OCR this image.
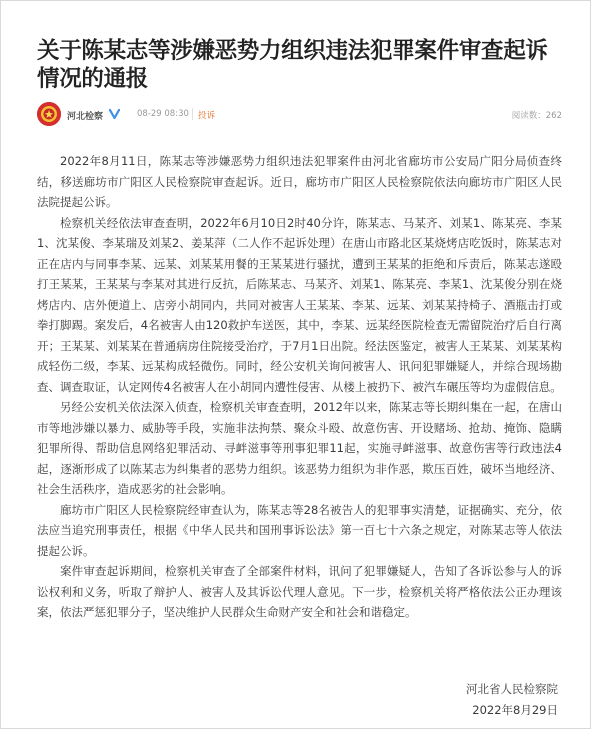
关于陈某志等涉嫌恶势力组织违法犯罪案件审查起诉情况的通报
河北检察	08-29 08:30 投诉	阅读数：262

2022年8月11日，陈某志等涉嫌恶势力组织违法犯罪案件由河北省廊坊市公安局广阳分局侦查终结，移送廊坊市广阳区人民检察院审查起诉。近日，廊坊市广阳区人民检察院依法向廊坊市广阳区人民法院提起公诉。

检察机关经依法审查查明，2022年6月10日2时40分许，陈某志、马某齐、刘某1、陈某亮、李某1、沈某俊、李某瑞及刘某2、姜某萍（二人作不起诉处理）在唐山市路北区某烧烤店吃饭时，陈某志对正在店内与同事李某、远某、刘某某用餐的王某某进行骚扰，遭到王某某的拒绝和斥责后，陈某志遂殴打王某某，王某某与李某对其进行反抗，后陈某志、马某齐、刘某1、陈某亮、李某1、沈某俊分别在烧烤店内、店外便道上、店旁小胡同内，共同对被害人王某某、李某、远某、刘某某持椅子、酒瓶击打或拳打脚踢。案发后，4名被害人由120救护车送医，其中，李某、远某经医院检查无需留院治疗后自行离开；王某某、刘某某在普通病房住院接受治疗，于7月1日出院。经法医鉴定，被害人王某某、刘某某构成轻伤二级，李某、远某构成轻微伤。同时，经公安机关询问被害人、讯问犯罪嫌疑人，并综合现场勘查、调查取证，认定网传4名被害人在小胡同内遭性侵害、从楼上被扔下、被汽车碾压等均为虚假信息。

另经公安机关依法深入侦查，检察机关审查查明，2012年以来，陈某志等长期纠集在一起，在唐山市等地涉嫌以暴力、威胁等手段，实施非法拘禁、聚众斗殴、故意伤害、开设赌场、抢劫、掩饰、隐瞒犯罪所得、帮助信息网络犯罪活动、寻衅滋事等刑事犯罪11起，实施寻衅滋事、故意伤害等行政违法4起，逐渐形成了以陈某志为纠集者的恶势力组织。该恶势力组织为非作恶，欺压百姓，破坏当地经济、社会生活秩序，造成恶劣的社会影响。

廊坊市广阳区人民检察院经审查认为，陈某志等28名被告人的犯罪事实清楚，证据确实、充分，依法应当追究刑事责任，根据《中华人民共和国刑事诉讼法》第一百七十六条之规定，对陈某志等人依法提起公诉。

案件审查起诉期间，检察机关审查了全部案件材料，讯问了犯罪嫌疑人，告知了各诉讼参与人的诉讼权利和义务，听取了辩护人、被害人及其诉讼代理人意见。下一步，检察机关将严格依法公正办理该案，依法严惩犯罪分子，坚决维护人民群众生命财产安全和社会和谐稳定。

河北省人民检察院
2022年8月29日
